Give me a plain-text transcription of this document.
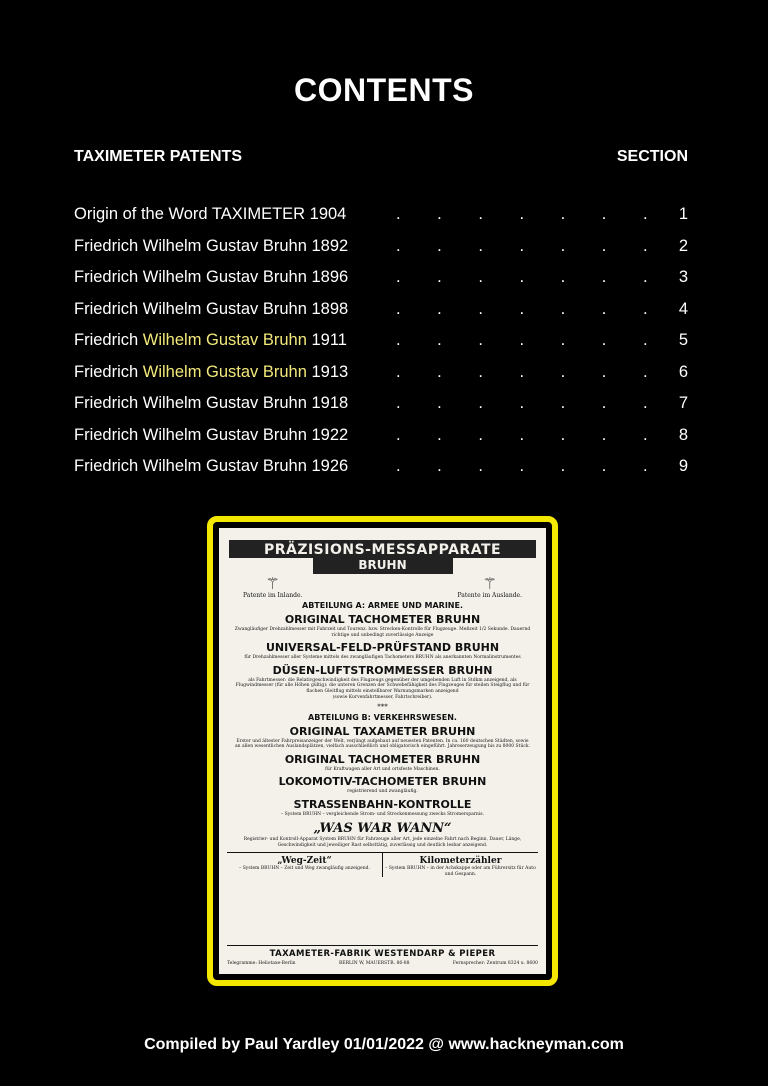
CONTENTS
TAXIMETER PATENTS	SECTION
Origin of the Word TAXIMETER 1904	. . . . . . . 1
Friedrich Wilhelm Gustav Bruhn 1892	. . . . . . . 2
Friedrich Wilhelm Gustav Bruhn 1896	. . . . . . . 3
Friedrich Wilhelm Gustav Bruhn 1898	. . . . . . . 4
Friedrich Wilhelm Gustav Bruhn 1911	. . . . . . . 5
Friedrich Wilhelm Gustav Bruhn 1913	. . . . . . . 6
Friedrich Wilhelm Gustav Bruhn 1918	. . . . . . . 7
Friedrich Wilhelm Gustav Bruhn 1922	. . . . . . . 8
Friedrich Wilhelm Gustav Bruhn 1926	. . . . . . . 9
PRÄZISIONS-MESSAPPARATE
BRUHN
⚚
Patente im Inlande.
⚚
Patente im Auslande.
ABTEILUNG A: ARMEE UND MARINE.
ORIGINAL TACHOMETER BRUHN
Zwangläufiger Drehzahlmesser mit Fahrzeit und Tourenz. bzw. Strecken-Kontrolle für Flugzeuge. Meßzeit 1/2 Sekunde. Dauernd richtige und unbedingt zuverlässige Anzeige
UNIVERSAL-FELD-PRÜFSTAND BRUHN
für Drehzahlmesser aller Systeme mittels des zwangläufigen Tachometers BRUHN als anerkannten Normalinstrumentes
DÜSEN-LUFTSTROMMESSER BRUHN
als Fahrtmesser: die Relativgeschwindigkeit des Flugzeugs gegenüber der umgebenden Luft in Stdkm anzeigend, als Flugwindmesser (für alle Höhen gültig): die unteren Grenzen der Schwebefähigkeit des Flugzeuges für steilen Steigflug und für flachen Gleitflug mittels einstellbarer Warnungsmarken anzeigend
(sowie Kurvenfahrtmesser, Fahrtschreiber).
***
ABTEILUNG B: VERKEHRSWESEN.
ORIGINAL TAXAMETER BRUHN
Erster und ältester Fahrpreisanzeiger der Welt, verjüngt aufgebaut auf neuesten Patenten. In ca. 160 deutschen Städten, sowie an allen wesentlichen Auslandsplätzen, vielfach ausschließlich und obligatorisch eingeführt. Jahreserzeugung bis zu 8000 Stück.
ORIGINAL TACHOMETER BRUHN
für Kraftwagen aller Art und ortsfeste Maschinen.
LOKOMOTIV-TACHOMETER BRUHN
registrierend und zwangläufig.
STRASSENBAHN-KONTROLLE
– System BRUHN – vergleichende Strom- und Streckenmessung zwecks Stromersparnis.
„WAS WAR WANN“
Registrier- und Kontroll-Apparat System BRUHN für Fahrzeuge aller Art, jede einzelne Fahrt nach Beginn, Dauer, Länge, Geschwindigkeit und jeweiliger Rast selbsttätig, zuverlässig und deutlich lesbar anzeigend.
„Weg-Zeit“
– System BRUHN – Zeit und Weg zwangläufig anzeigend.
Kilometerzähler
– System BRUHN – in der Achskappe oder am Führersitz für Auto und Gespann.
TAXAMETER-FABRIK WESTENDARP & PIEPER
Telegramme: Heliotaxe-Berlin	BERLIN W, MAUERSTR. 86-88	Fernsprecher: Zentrum 8324 u. 8600
Compiled by Paul Yardley 01/01/2022 @ www.hackneyman.com
